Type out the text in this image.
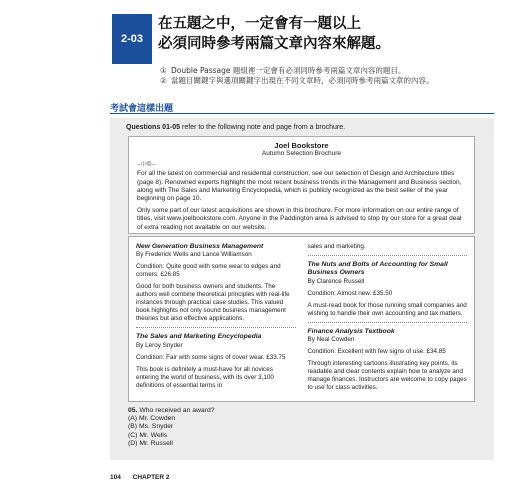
2-03
在五題之中，一定會有一題以上
必須同時參考兩篇文章內容來解題。
① Double Passage 題組裡一定會有必須同時參考兩篇文章內容的題目。
② 當題目關鍵字與選項關鍵字出現在不同文章時，必須同時參考兩篇文章的內容。
考試會這樣出題
Questions 01-05 refer to the following note and page from a brochure.
Joel Bookstore
Autumn Selection Brochure
─中略─

For all the latest on commercial and residential construction, see our selection of Design and Architecture titles (page 8). Renowned experts highlight the most recent business trends in the Management and Business section, along with The Sales and Marketing Encyclopedia, which is publicly recognized as the best seller of the year beginning on page 10.

Only some part of our latest acquisitions are shown in this brochure. For more information on our entire range of titles, visit www.joelbookstore.com. Anyone in the Paddington area is advised to stop by our store for a great deal of extra reading not available on our website.

New Generation Business Management

By Frederick Wells and Lance Williamson

Condition: Quite good with some wear to edges and corners. £26.85

Good for both business owners and students. The authors well combine theoretical principles with real-life instances through practical case studies. This valued book highlights not only sound business management theories but also effective applications.

The Sales and Marketing Encyclopedia

By Leroy Snyder

Condition: Fair with some signs of cover wear. £33.75

This book is definitely a must-have for all novices entering the world of business, with its over 3,100 definitions of essential terms in

sales and marketing.

The Nuts and Bolts of Accounting for Small Business Owners

By Clarence Russell

Condition: Almost new. £35.50

A must-read book for those running small companies and wishing to handle their own accounting and tax matters.

Finance Analysis Textbook

By Neal Cowden

Condition: Excellent with few signs of use. £34.85

Through interesting cartoons illustrating key points, its readable and clear contents explain how to analyze and manage finances. Instructors are welcome to copy pages to use for class activities.

05. Who received an award?
(A) Mr. Cowden
(B) Ms. Snyder
(C) Mr. Wells
(D) Mr. Russell
104 CHAPTER 2
